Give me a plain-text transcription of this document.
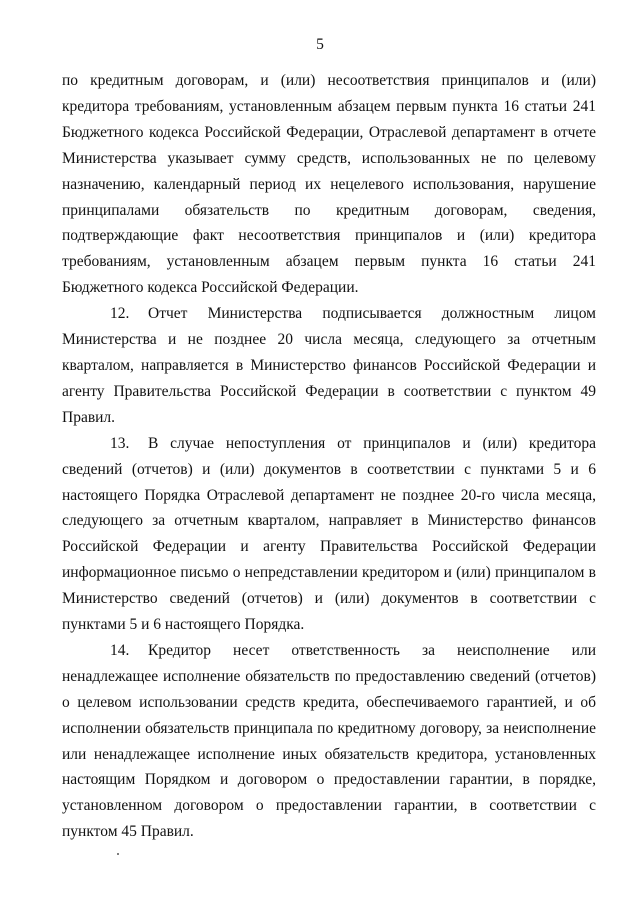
5

по кредитным договорам, и (или) несоответствия принципалов и (или) кредитора требованиям, установленным абзацем первым пункта 16 статьи 241 Бюджетного кодекса Российской Федерации, Отраслевой департамент в отчете Министерства указывает сумму средств, использованных не по целевому назначению, календарный период их нецелевого использования, нарушение принципалами обязательств по кредитным договорам, сведения, подтверждающие факт несоответствия принципалов и (или) кредитора требованиям, установленным абзацем первым пункта 16 статьи 241 Бюджетного кодекса Российской Федерации.

12. Отчет Министерства подписывается должностным лицом Министерства и не позднее 20 числа месяца, следующего за отчетным кварталом, направляется в Министерство финансов Российской Федерации и агенту Правительства Российской Федерации в соответствии с пунктом 49 Правил.

13. В случае непоступления от принципалов и (или) кредитора сведений (отчетов) и (или) документов в соответствии с пунктами 5 и 6 настоящего Порядка Отраслевой департамент не позднее 20-го числа месяца, следующего за отчетным кварталом, направляет в Министерство финансов Российской Федерации и агенту Правительства Российской Федерации информационное письмо о непредставлении кредитором и (или) принципалом в Министерство сведений (отчетов) и (или) документов в соответствии с пунктами 5 и 6 настоящего Порядка.

14. Кредитор несет ответственность за неисполнение или ненадлежащее исполнение обязательств по предоставлению сведений (отчетов) о целевом использовании средств кредита, обеспечиваемого гарантией, и об исполнении обязательств принципала по кредитному договору, за неисполнение или ненадлежащее исполнение иных обязательств кредитора, установленных настоящим Порядком и договором о предоставлении гарантии, в порядке, установленном договором о предоставлении гарантии, в соответствии с пунктом 45 Правил.
